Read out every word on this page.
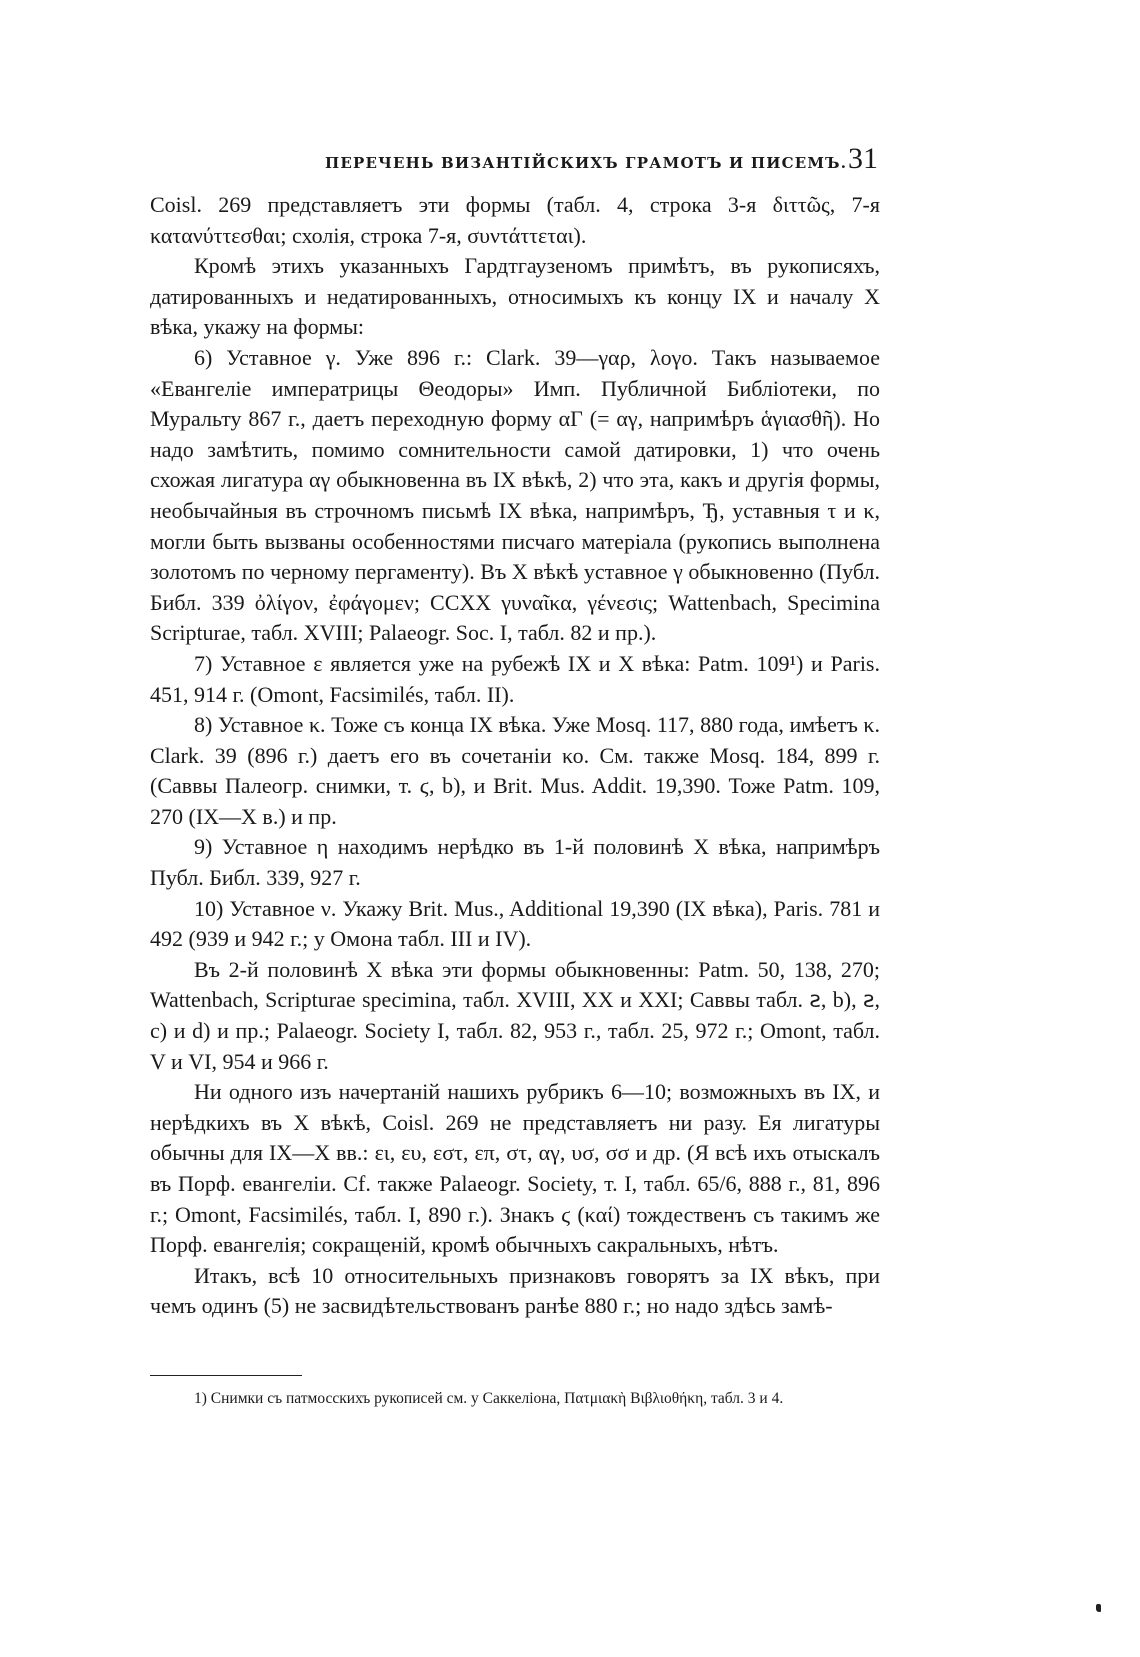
ПЕРЕЧЕНЬ ВИЗАНТІЙСКИХЪ ГРАМОТЪ И ПИСЕМЪ. 31

Coisl. 269 представляетъ эти формы (табл. 4, строка 3-я διττῶς, 7-я κατανύττεσθαι; схолія, строка 7-я, συντάττεται).

Кромѣ этихъ указанныхъ Гардтгаузеномъ примѣтъ, въ рукописяхъ, датированныхъ и недатированныхъ, относимыхъ къ концу IX и началу X вѣка, укажу на формы:

6) Уставное γ. Уже 896 г.: Clark. 39—γαρ, λογο. Такъ называемое «Евангеліе императрицы Θеодоры» Имп. Публичной Библіотеки, по Муральту 867 г., даетъ переходную форму αΓ (= αγ, напримѣръ ἁγιασθῆ). Но надо замѣтить, помимо сомнительности самой датировки, 1) что очень схожая лигатура αγ обыкновенна въ IX вѣкѣ, 2) что эта, какъ и другія формы, необычайныя въ строчномъ письмѣ IX вѣка, напримѣръ, Ђ, уставныя τ и κ, могли быть вызваны особенностями писчаго матеріала (рукопись выполнена золотомъ по черному пергаменту). Въ X вѣкѣ уставное γ обыкновенно (Публ. Библ. 339 ὀλίγον, ἐφάγομεν; CCXX γυναῖκα, γένεσις; Wattenbach, Specimina Scripturae, табл. XVIII; Palaeogr. Soc. I, табл. 82 и пр.).

7) Уставное ε является уже на рубежѣ IX и X вѣка: Patm. 109¹) и Paris. 451, 914 г. (Omont, Facsimilés, табл. II).

8) Уставное κ. Тоже съ конца IX вѣка. Уже Mosq. 117, 880 года, имѣетъ κ. Clark. 39 (896 г.) даетъ его въ сочетаніи κο. См. также Mosq. 184, 899 г. (Саввы Палеогр. снимки, т. ϛ, b), и Brit. Mus. Addit. 19,390. Тоже Patm. 109, 270 (IX—X в.) и пр.

9) Уставное η находимъ нерѣдко въ 1-й половинѣ X вѣка, напримѣръ Публ. Библ. 339, 927 г.

10) Уставное ν. Укажу Brit. Mus., Additional 19,390 (IX вѣка), Paris. 781 и 492 (939 и 942 г.; у Омона табл. III и IV).

Въ 2-й половинѣ X вѣка эти формы обыкновенны: Patm. 50, 138, 270; Wattenbach, Scripturae specimina, табл. XVIII, XX и XXI; Саввы табл. ꙅ, b), ꙅ, c) и d) и пр.; Palaeogr. Society I, табл. 82, 953 г., табл. 25, 972 г.; Omont, табл. V и VI, 954 и 966 г.

Ни одного изъ начертаній нашихъ рубрикъ 6—10; возможныхъ въ IX, и нерѣдкихъ въ X вѣкѣ, Coisl. 269 не представляетъ ни разу. Ея лигатуры обычны для IX—X вв.: ει, ευ, εστ, επ, στ, αγ, υσ, σσ и др. (Я всѣ ихъ отыскалъ въ Порф. евангеліи. Cf. также Palaeogr. Society, т. I, табл. 65/6, 888 г., 81, 896 г.; Omont, Facsimilés, табл. I, 890 г.). Знакъ ϛ (καί) тождественъ съ такимъ же Порф. евангелія; сокращеній, кромѣ обычныхъ сакральныхъ, нѣтъ.

Итакъ, всѣ 10 относительныхъ признаковъ говорятъ за IX вѣкъ, при чемъ одинъ (5) не засвидѣтельствованъ ранѣе 880 г.; но надо здѣсь замѣ-

1) Снимки съ патмосскихъ рукописей см. у Саккеліона, Πατμιακὴ Βιβλιοθήκη, табл. 3 и 4.
